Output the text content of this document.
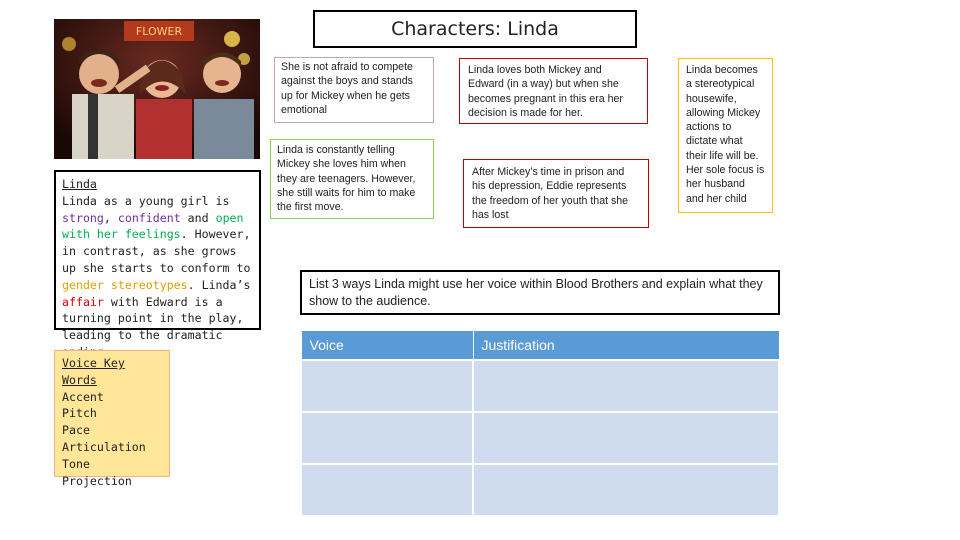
Characters: Linda
FLOWER
Linda
Linda as a young girl is strong, confident and open with her feelings. However, in contrast, as she grows up she starts to conform to gender stereotypes. Linda’s affair with Edward is a turning point in the play, leading to the dramatic
Voice Key Words
Accent
Pitch
Pace
Articulation
Tone
Projection
She is not afraid to compete against the boys and stands up for Mickey when he gets emotional
Linda is constantly telling Mickey she loves him when they are teenagers. However, she still waits for him to make the first move.
Linda loves both Mickey and Edward (in a way) but when she becomes pregnant in this era her decision is made for her.
After Mickey’s time in prison and his depression, Eddie represents the freedom of her youth that she has lost
Linda becomes a stereotypical housewife, allowing Mickey actions to dictate what their life will be. Her sole focus is her husband and her child
List 3 ways Linda might use her voice within Blood Brothers and explain what they show to the audience.
Voice	Justification
